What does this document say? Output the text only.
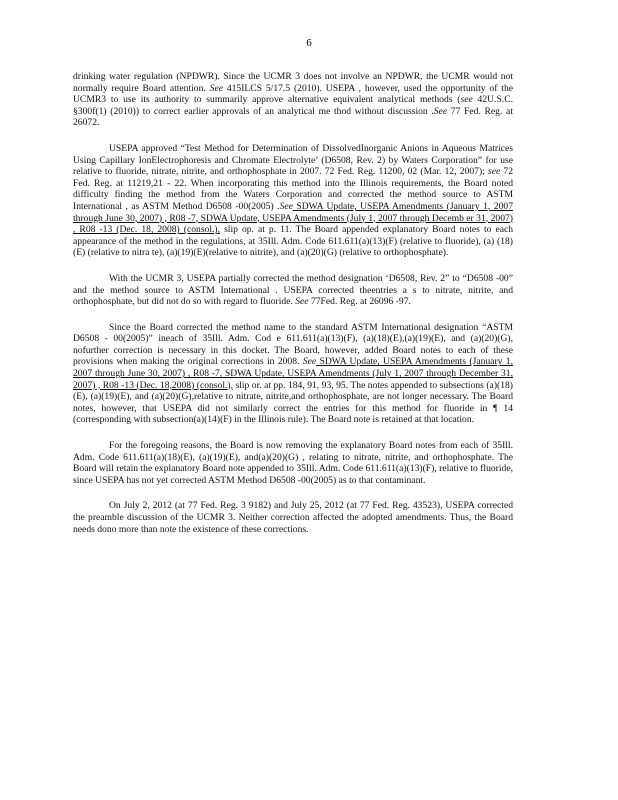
6

drinking water regulation (NPDWR). Since the UCMR 3 does not involve an NPDWR, the UCMR would not normally require Board attention. See 415ILCS 5/17.5 (2010). USEPA , however, used the opportunity of the UCMR3 to use its authority to summarily approve alternative equivalent analytical methods (see 42U.S.C. §300f(1) (2010)) to correct earlier approvals of an analytical me thod without discussion .See 77 Fed. Reg. at 26072.

USEPA approved “Test Method for Determination of DissolvedInorganic Anions in Aqueous Matrices Using Capillary IonElectrophoresis and Chromate Electrolyte’ (D6508, Rev. 2) by Waters Corporation” for use relative to fluoride, nitrate, nitrite, and orthophosphate in 2007. 72 Fed. Reg. 11200, 02 (Mar. 12, 2007); see 72 Fed. Reg. at 11219,21 - 22. When incorporating this method into the Illinois requirements, the Board noted difficulty finding the method from the Waters Corporation and corrected the method source to ASTM International , as ASTM Method D6508 -00(2005) .See SDWA Update, USEPA Amendments (January 1, 2007 through June 30, 2007) , R08 -7, SDWA Update, USEPA Amendments (July 1, 2007 through Decemb er 31, 2007) , R08 -13 (Dec. 18, 2008) (consol.), slip op. at p. 11. The Board appended explanatory Board notes to each appearance of the method in the regulations, at 35Ill. Adm. Code 611.611(a)(13)(F) (relative to fluoride), (a) (18)(E) (relative to nitra te), (a)(19)(E)(relative to nitrite), and (a)(20)(G) (relative to orthophosphate).

With the UCMR 3, USEPA partially corrected the method designation ‘D6508, Rev. 2” to “D6508 -00” and the method source to ASTM International . USEPA corrected theentries a s to nitrate, nitrite, and orthophosphate, but did not do so with regard to fluoride. See 77Fed. Reg. at 26096 -97.

Since the Board corrected the method name to the standard ASTM International designation “ASTM D6508 - 00(2005)” ineach of 35Ill. Adm. Cod e 611.611(a)(13)(F), (a)(18)(E),(a)(19)(E), and (a)(20)(G), nofurther correction is necessary in this docket. The Board, however, added Board notes to each of these provisions when making the original corrections in 2008. See SDWA Update, USEPA Amendments (January 1, 2007 through June 30, 2007) , R08 -7, SDWA Update, USEPA Amendments (July 1, 2007 through December 31, 2007) , R08 -13 (Dec. 18,2008) (consol.), slip or. at pp. 184, 91, 93, 95. The notes appended to subsections (a)(18)(E), (a)(19)(E), and (a)(20)(G),relative to nitrate, nitrite,and orthophosphate, are not longer necessary. The Board notes, however, that USEPA did not similarly correct the entries for this method for fluoride in ¶ 14 (corresponding with subsection(a)(14)(F) in the Illinois rule). The Board note is retained at that location.

For the foregoing reasons, the Board is now removing the explanatory Board notes from each of 35Ill. Adm. Code 611.611(a)(18)(E), (a)(19)(E), and(a)(20)(G) , relating to nitrate, nitrite, and orthophosphate. The Board will retain the explanatory Board note appended to 35Ill. Adm. Code 611.611(a)(13)(F), relative to fluoride, since USEPA has not yet corrected ASTM Method D6508 -00(2005) as to that contaminant.

On July 2, 2012 (at 77 Fed. Reg. 3 9182) and July 25, 2012 (at 77 Fed. Reg. 43523), USEPA corrected the preamble discussion of the UCMR 3. Neither correction affected the adopted amendments. Thus, the Board needs dono more than note the existence of these corrections.
